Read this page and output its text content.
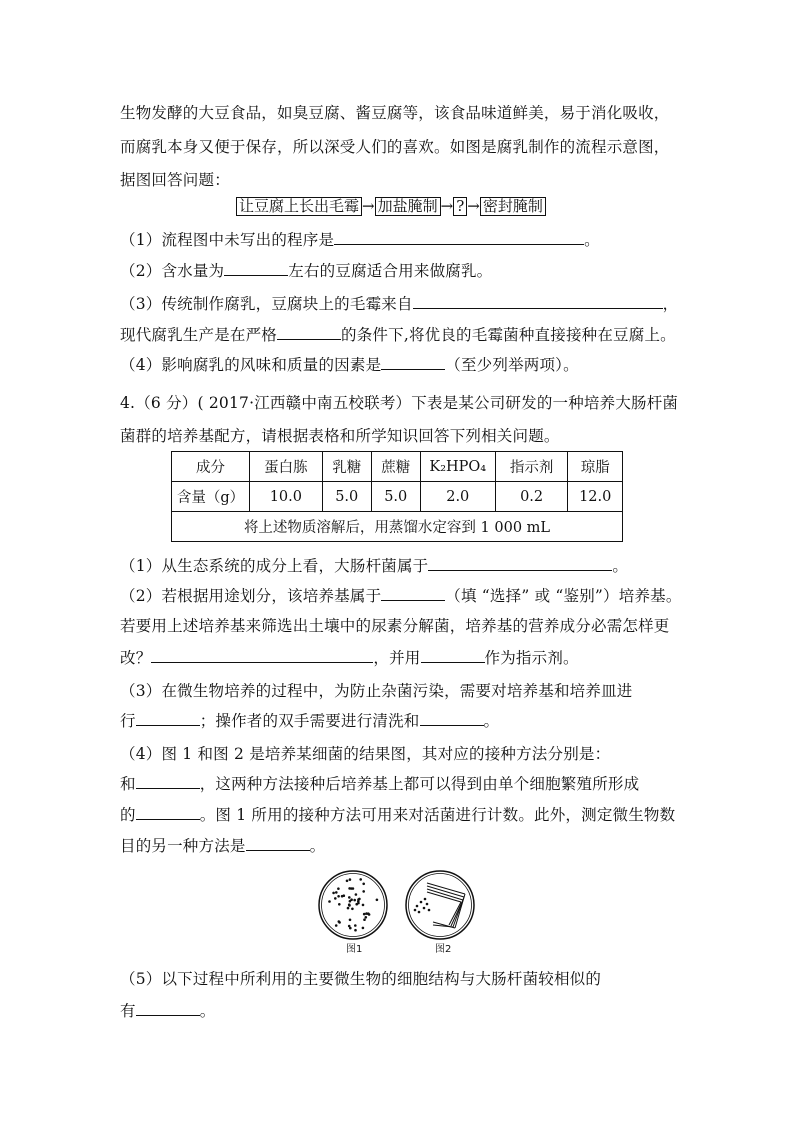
生物发酵的大豆食品，如臭豆腐、酱豆腐等，该食品味道鲜美，易于消化吸收，
而腐乳本身又便于保存，所以深受人们的喜欢。如图是腐乳制作的流程示意图，
据图回答问题：
让豆腐上长出毛霉 → 加盐腌制 → ? → 密封腌制
（1）流程图中未写出的程序是	。
（2）含水量为	左右的豆腐适合用来做腐乳。
（3）传统制作腐乳，豆腐块上的毛霉来自	，
现代腐乳生产是在严格	的条件下,将优良的毛霉菌种直接接种在豆腐上。
（4）影响腐乳的风味和质量的因素是	（至少列举两项）。
4.（6 分）( 2017·江西赣中南五校联考）下表是某公司研发的一种培养大肠杆菌
菌群的培养基配方，请根据表格和所学知识回答下列相关问题。
成分	蛋白胨	乳糖	蔗糖	K₂HPO₄	指示剂	琼脂
含量（g）	10.0	5.0	5.0	2.0	0.2	12.0
将上述物质溶解后，用蒸馏水定容到 1 000 mL						
（1）从生态系统的成分上看，大肠杆菌属于	。
（2）若根据用途划分，该培养基属于	（填 “选择” 或 “鉴别”）培养基。
若要用上述培养基来筛选出土壤中的尿素分解菌，培养基的营养成分必需怎样更
改？	，并用	作为指示剂。
（3）在微生物培养的过程中，为防止杂菌污染，需要对培养基和培养皿进
行	；操作者的双手需要进行清洗和	。
（4）图 1 和图 2 是培养某细菌的结果图，其对应的接种方法分别是：
和	，这两种方法接种后培养基上都可以得到由单个细胞繁殖所形成
的	。图 1 所用的接种方法可用来对活菌进行计数。此外，测定微生物数
目的另一种方法是	。
图1	图2
（5）以下过程中所利用的主要微生物的细胞结构与大肠杆菌较相似的
有	。
